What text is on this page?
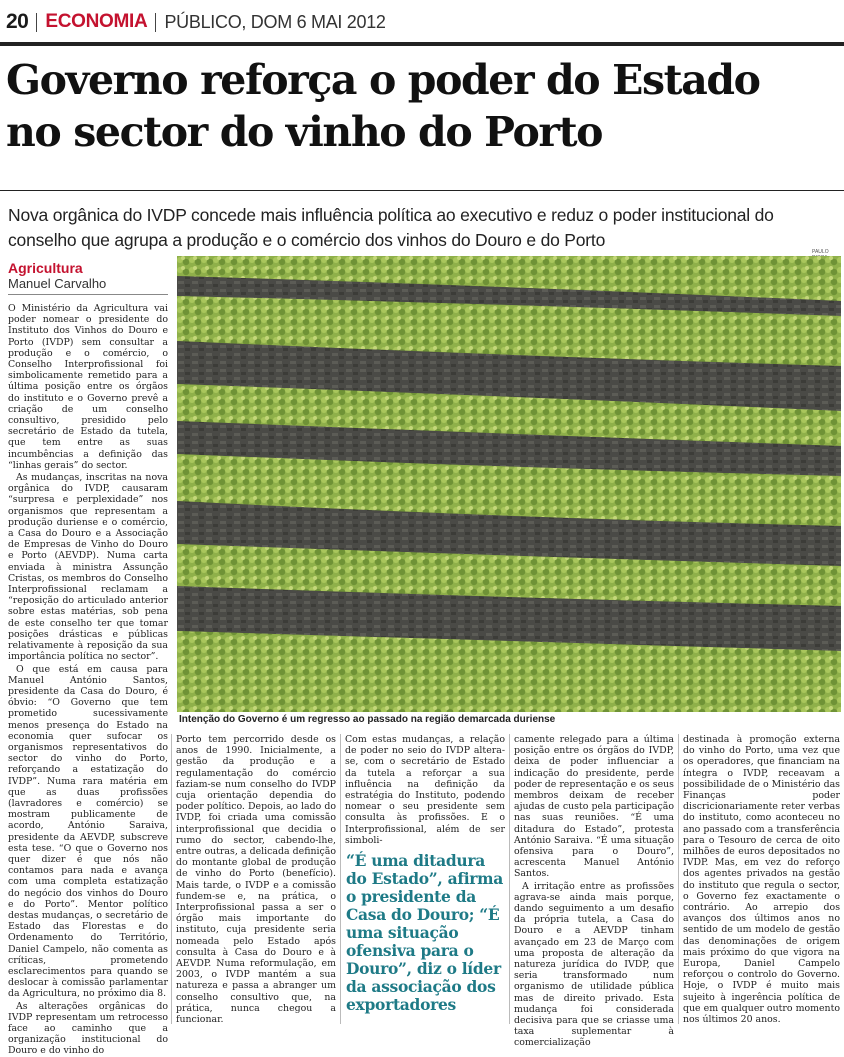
20 ECONOMIA PÚBLICO, DOM 6 MAI 2012
Governo reforça o poder do Estado
no sector do vinho do Porto

Nova orgânica do IVDP concede mais influência política ao executivo e reduz o poder institucional do conselho que agrupa a produção e o comércio dos vinhos do Douro e do Porto

Agricultura
Manuel Carvalho

O Ministério da Agricultura vai poder nomear o presidente do Instituto dos Vinhos do Douro e Porto (IVDP) sem consultar a produção e o comércio, o Conselho Interprofissional foi simbolicamente remetido para a última posição entre os órgãos do instituto e o Governo prevê a criação de um conselho consultivo, presidido pelo secretário de Estado da tutela, que tem entre as suas incumbências a definição das “linhas gerais” do sector.

As mudanças, inscritas na nova orgânica do IVDP, causaram “surpresa e perplexidade” nos organismos que representam a produção duriense e o comércio, a Casa do Douro e a Associação de Empresas de Vinho do Douro e Porto (AEVDP). Numa carta enviada à ministra Assunção Cristas, os membros do Conselho Interprofissional reclamam a “reposição do articulado anterior sobre estas matérias, sob pena de este conselho ter que tomar posições drásticas e públicas relativamente à reposição da sua importância política no sector”.

O que está em causa para Manuel António Santos, presidente da Casa do Douro, é óbvio: “O Governo que tem prometido sucessivamente menos presença do Estado na economia quer sufocar os organismos representativos do sector do vinho do Porto, reforçando a estatização do IVDP”. Numa rara matéria em que as duas profissões (lavradores e comércio) se mostram publicamente de acordo, António Saraiva, presidente da AEVDP, subscreve esta tese. “O que o Governo nos quer dizer é que nós não contamos para nada e avança com uma completa estatização do negócio dos vinhos do Douro e do Porto”. Mentor político destas mudanças, o secretário de Estado das Florestas e do Ordenamento do Território, Daniel Campelo, não comenta as críticas, prometendo esclarecimentos para quando se deslocar à comissão parlamentar da Agricultura, no próximo dia 8.

As alterações orgânicas do IVDP representam um retrocesso face ao caminho que a organização institucional do Douro e do vinho do

PAULO
Intenção do Governo é um regresso ao passado na região demarcada duriense

Porto tem percorrido desde os anos de 1990. Inicialmente, a gestão da produção e a regulamentação do comércio faziam-se num conselho do IVDP cuja orientação dependia do poder político. Depois, ao lado do IVDP, foi criada uma comissão interprofissional que decidia o rumo do sector, cabendo-lhe, entre outras, a delicada definição do montante global de produção de vinho do Porto (benefício). Mais tarde, o IVDP e a comissão fundem-se e, na prática, o Interprofissional passa a ser o órgão mais importante do instituto, cuja presidente seria nomeada pelo Estado após consulta à Casa do Douro e à AEVDP. Numa reformulação, em 2003, o IVDP mantém a sua natureza e passa a abranger um conselho consultivo que, na prática, nunca chegou a funcionar.

Com estas mudanças, a relação de poder no seio do IVDP altera-se, com o secretário de Estado da tutela a reforçar a sua influência na definição da estratégia do Instituto, podendo nomear o seu presidente sem consulta às profissões. E o Interprofissional, além de ser simboli-

“É uma ditadura do Estado”, afirma o presidente da Casa do Douro; “É uma situação ofensiva para o Douro”, diz o líder da associação dos exportadores

camente relegado para a última posição entre os órgãos do IVDP, deixa de poder influenciar a indicação do presidente, perde poder de representação e os seus membros deixam de receber ajudas de custo pela participação nas suas reuniões. “É uma ditadura do Estado”, protesta António Saraiva. “É uma situação ofensiva para o Douro”, acrescenta Manuel António Santos.

A irritação entre as profissões agrava-se ainda mais porque, dando seguimento a um desafio da própria tutela, a Casa do Douro e a AEVDP tinham avançado em 23 de Março com uma proposta de alteração da natureza jurídica do IVDP, que seria transformado num organismo de utilidade pública mas de direito privado. Esta mudança foi considerada decisiva para que se criasse uma taxa suplementar à comercialização

destinada à promoção externa do vinho do Porto, uma vez que os operadores, que financiam na íntegra o IVDP, receavam a possibilidade de o Ministério das Finanças poder discricionariamente reter verbas do instituto, como aconteceu no ano passado com a transferência para o Tesouro de cerca de oito milhões de euros depositados no IVDP. Mas, em vez do reforço dos agentes privados na gestão do instituto que regula o sector, o Governo fez exactamente o contrário. Ao arrepio dos avanços dos últimos anos no sentido de um modelo de gestão das denominações de origem mais próximo do que vigora na Europa, Daniel Campelo reforçou o controlo do Governo. Hoje, o IVDP é muito mais sujeito à ingerência política de que em qualquer outro momento nos últimos 20 anos.
